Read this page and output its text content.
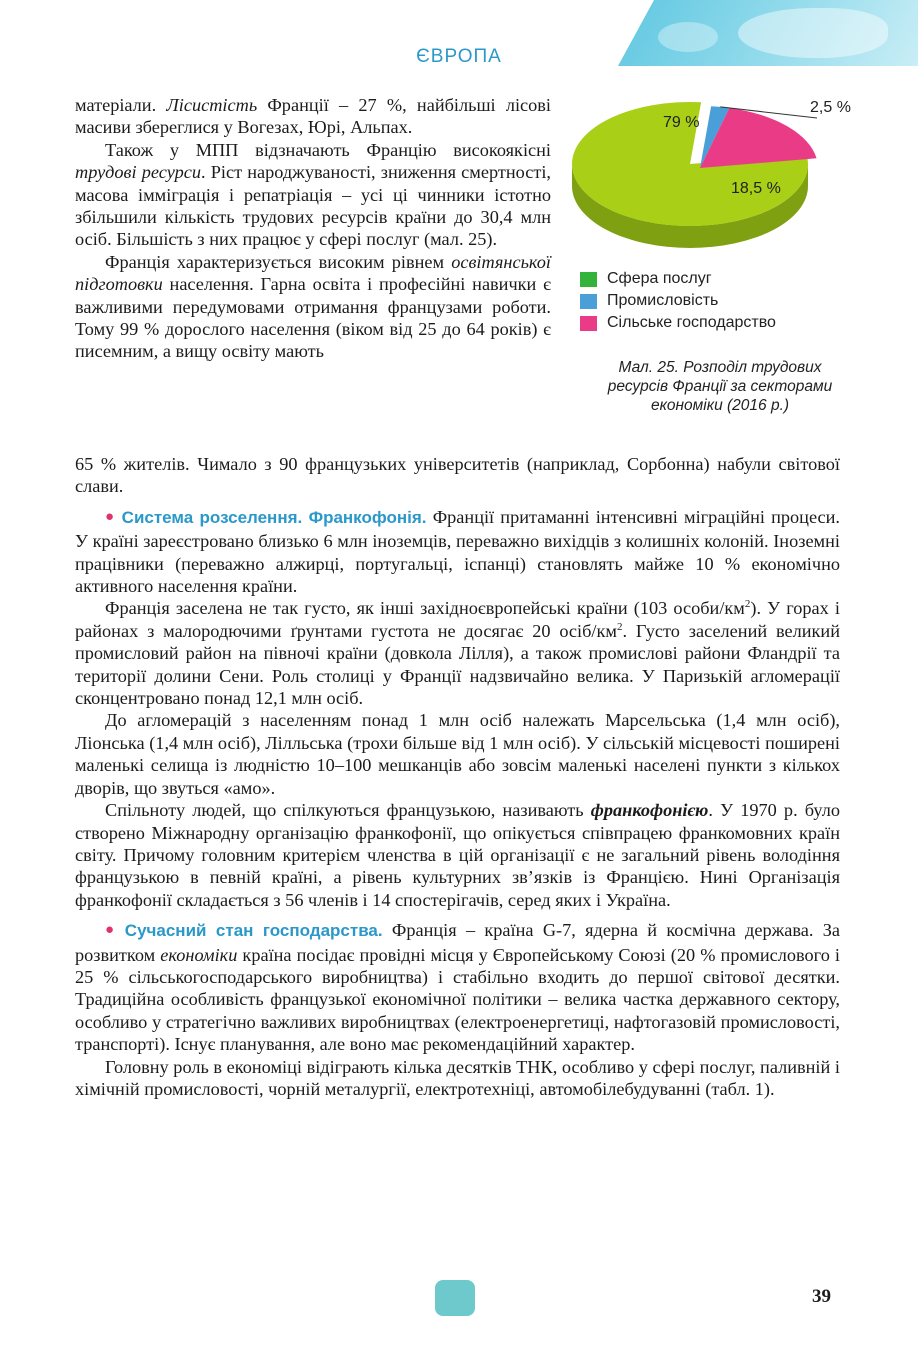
ЄВРОПА

матеріали. Лісистість Франції – 27 %, найбільші лісові масиви збереглися у Вогезах, Юрі, Альпах.

Також у МПП відзначають Францію високоякісні трудові ресурси. Ріст народжуваності, зниження смертності, масова імміграція і репатріація – усі ці чинники істотно збільшили кількість трудових ресурсів країни до 30,4 млн осіб. Більшість з них працює у сфері послуг (мал. 25).

Франція характеризується високим рівнем освітянської підготовки населення. Гарна освіта і професійні навички є важливими передумовами отримання французами роботи. Тому 99 % дорослого населення (віком від 25 до 64 років) є писемним, а вищу освіту мають

79 %
2,5 %
18,5 %
Сфера послуг
Промисловість
Сільське господарство
Мал. 25. Розподіл трудових
ресурсів Франції за секторами
економіки (2016 р.)

65 % жителів. Чимало з 90 французьких університетів (наприклад, Сорбонна) набули світової слави.

● Система розселення. Франкофонія. Франції притаманні інтенсивні міграційні процеси. У країні зареєстровано близько 6 млн іноземців, переважно вихідців з колишніх колоній. Іноземні працівники (переважно алжирці, португальці, іспанці) становлять майже 10 % економічно активного населення країни.

Франція заселена не так густо, як інші західноєвропейські країни (103 особи/$км^2$). У горах і районах з малородючими ґрунтами густота не досягає 20 осіб/$км^2$. Густо заселений великий промисловий район на півночі країни (довкола Лілля), а також промислові райони Фландрії та території долини Сени. Роль столиці у Франції надзвичайно велика. У Паризькій агломерації сконцентровано понад 12,1 млн осіб.

До агломерацій з населенням понад 1 млн осіб належать Марсельська (1,4 млн осіб), Ліонська (1,4 млн осіб), Лілльська (трохи більше від 1 млн осіб). У сільській місцевості поширені маленькі селища із людністю 10–100 мешканців або зовсім маленькі населені пункти з кількох дворів, що звуться «амо».

Спільноту людей, що спілкуються французькою, називають франкофонією. У 1970 р. було створено Міжнародну організацію франкофонії, що опікується співпрацею франкомовних країн світу. Причому головним критерієм членства в цій організації є не загальний рівень володіння французькою в певній країні, а рівень культурних зв’язків із Францією. Нині Організація франкофонії складається з 56 членів і 14 спостерігачів, серед яких і Україна.

● Сучасний стан господарства. Франція – країна G-7, ядерна й космічна держава. За розвитком економіки країна посідає провідні місця у Європейському Союзі (20 % промислового і 25 % сільськогосподарського виробництва) і стабільно входить до першої світової десятки. Традиційна особливість французької економічної політики – велика частка державного сектору, особливо у стратегічно важливих виробництвах (електроенергетиці, нафтогазовій промисловості, транспорті). Існує планування, але воно має рекомендаційний характер.

Головну роль в економіці відіграють кілька десятків ТНК, особливо у сфері послуг, паливній і хімічній промисловості, чорній металургії, електротехніці, автомобілебудуванні (табл. 1).

39
